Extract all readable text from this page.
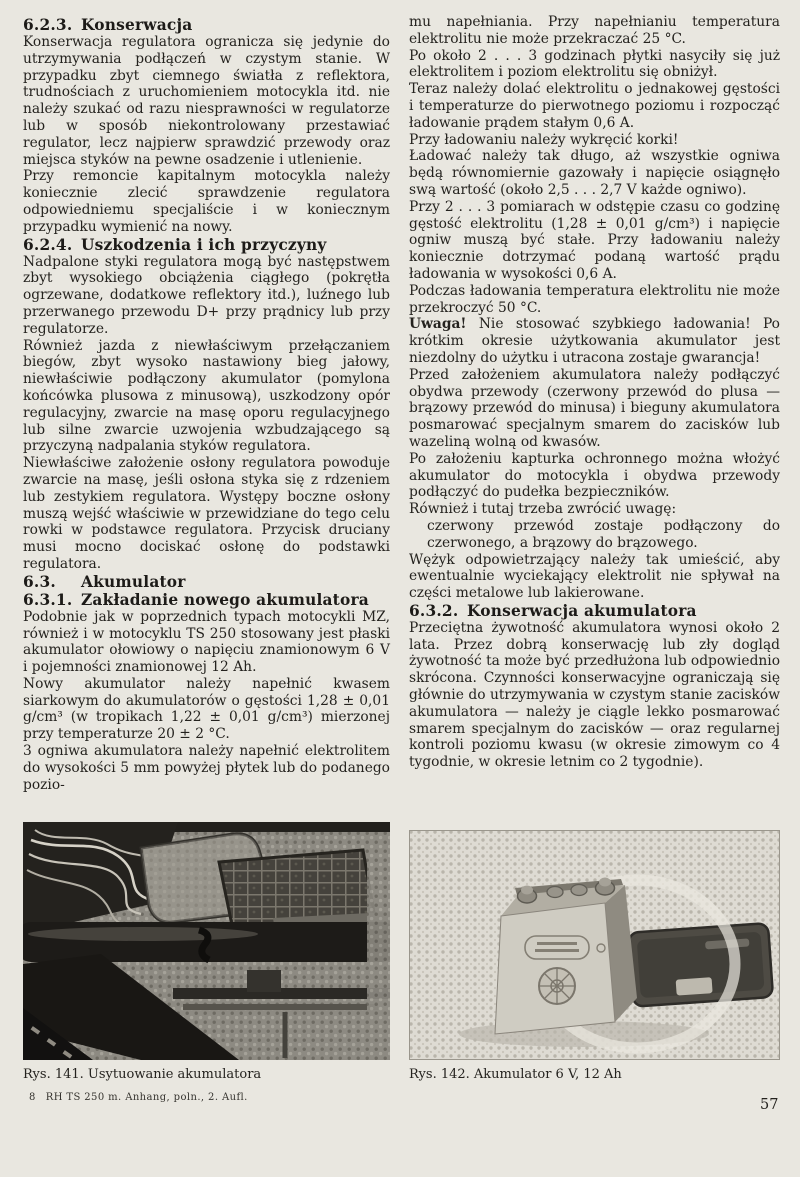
6.2.3. Konserwacja

Konserwacja regulatora ogranicza się jedynie do utrzymywania podłączeń w czystym stanie. W przypadku zbyt ciemnego światła z reflektora, trudnościach z uruchomieniem motocykla itd. nie należy szukać od razu niesprawności w regulatorze lub w sposób niekontrolowany przestawiać regulator, lecz najpierw sprawdzić przewody oraz miejsca styków na pewne osadzenie i utlenienie.

Przy remoncie kapitalnym motocykla należy koniecznie zlecić sprawdzenie regulatora odpowiedniemu specjaliście i w koniecznym przypadku wymienić na nowy.

6.2.4. Uszkodzenia i ich przyczyny

Nadpalone styki regulatora mogą być następstwem zbyt wysokiego obciążenia ciągłego (pokrętła ogrzewane, dodatkowe reflektory itd.), luźnego lub przerwanego przewodu D+ przy prądnicy lub przy regulatorze.

Również jazda z niewłaściwym przełączaniem biegów, zbyt wysoko nastawiony bieg jałowy, niewłaściwie podłączony akumulator (pomylona końcówka plusowa z minusową), uszkodzony opór regulacyjny, zwarcie na masę oporu regulacyjnego lub silne zwarcie uzwojenia wzbudzającego są przyczyną nadpalania styków regulatora.

Niewłaściwe założenie osłony regulatora powoduje zwarcie na masę, jeśli osłona styka się z rdzeniem lub zestykiem regulatora. Występy boczne osłony muszą wejść właściwie w przewidziane do tego celu rowki w podstawce regulatora. Przycisk druciany musi mocno dociskać osłonę do podstawki regulatora.

6.3.	Akumulator
6.3.1. Zakładanie nowego akumulatora

Podobnie jak w poprzednich typach motocykli MZ, również i w motocyklu TS 250 stosowany jest płaski akumulator ołowiowy o napięciu znamionowym 6 V i pojemności znamionowej 12 Ah.

Nowy akumulator należy napełnić kwasem siarkowym do akumulatorów o gęstości 1,28 ± 0,01 g/cm³ (w tropikach 1,22 ± 0,01 g/cm³) mierzonej przy temperaturze 20 ± 2 °C.

3 ogniwa akumulatora należy napełnić elektrolitem do wysokości 5 mm powyżej płytek lub do podanego pozio-

mu napełniania. Przy napełnianiu temperatura elektrolitu nie może przekraczać 25 °C.

Po około 2 . . . 3 godzinach płytki nasyciły się już elektrolitem i poziom elektrolitu się obniżył.

Teraz należy dolać elektrolitu o jednakowej gęstości i temperaturze do pierwotnego poziomu i rozpocząć ładowanie prądem stałym 0,6 A.

Przy ładowaniu należy wykręcić korki!

Ładować należy tak długo, aż wszystkie ogniwa będą równomiernie gazowały i napięcie osiągnęło swą wartość (około 2,5 . . . 2,7 V każde ogniwo).

Przy 2 . . . 3 pomiarach w odstępie czasu co godzinę gęstość elektrolitu (1,28 ± 0,01 g/cm³) i napięcie ogniw muszą być stałe. Przy ładowaniu należy koniecznie dotrzymać podaną wartość prądu ładowania w wysokości 0,6 A.

Podczas ładowania temperatura elektrolitu nie może przekroczyć 50 °C.

Uwaga! Nie stosować szybkiego ładowania! Po krótkim okresie użytkowania akumulator jest niezdolny do użytku i utracona zostaje gwarancja!

Przed założeniem akumulatora należy podłączyć obydwa przewody (czerwony przewód do plusa — brązowy przewód do minusa) i bieguny akumulatora posmarować specjalnym smarem do zacisków lub wazeliną wolną od kwasów.

Po założeniu kapturka ochronnego można włożyć akumulator do motocykla i obydwa przewody podłączyć do pudełka bezpieczników.

Również i tutaj trzeba zwrócić uwagę:

czerwony przewód zostaje podłączony do czerwonego, a brązowy do brązowego.

Wężyk odpowietrzający należy tak umieścić, aby ewentualnie wyciekający elektrolit nie spływał na części metalowe lub lakierowane.

6.3.2. Konserwacja akumulatora

Przeciętna żywotność akumulatora wynosi około 2 lata. Przez dobrą konserwację lub zły dogląd żywotność ta może być przedłużona lub odpowiednio skrócona. Czynności konserwacyjne ograniczają się głównie do utrzymywania w czystym stanie zacisków akumulatora — należy je ciągle lekko posmarować smarem specjalnym do zacisków — oraz regularnej kontroli poziomu kwasu (w okresie zimowym co 4 tygodnie, w okresie letnim co 2 tygodnie).

Rys. 141. Usytuowanie akumulatora	Rys. 142. Akumulator 6 V, 12 Ah
8 RH TS 250 m. Anhang, poln., 2. Aufl.	57
